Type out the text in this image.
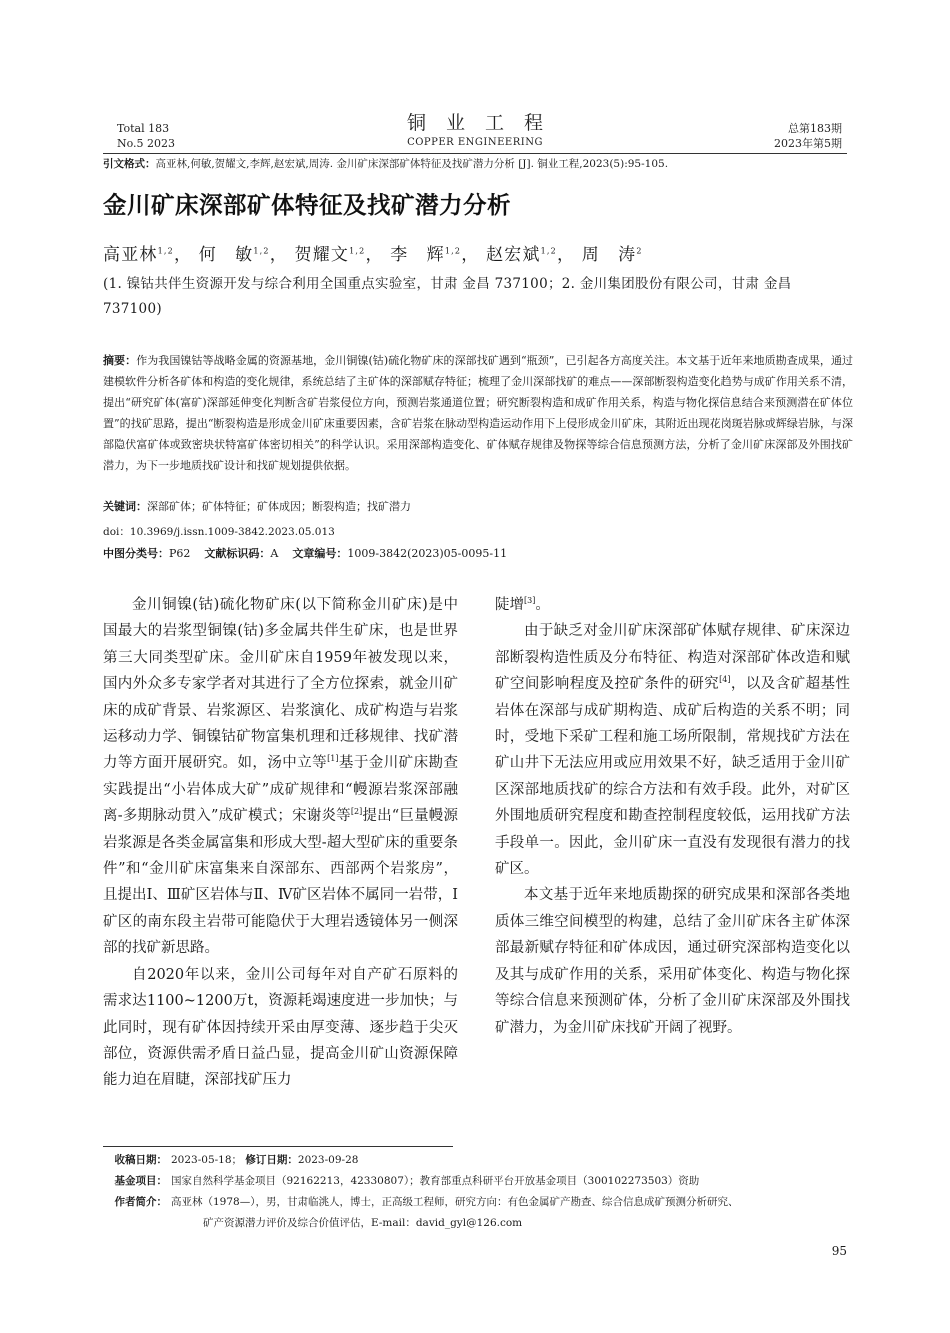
Total 183
No.5 2023
铜业工程
COPPER ENGINEERING
总第183期
2023年第5期
引文格式：高亚林,何敏,贺耀文,李辉,赵宏斌,周涛. 金川矿床深部矿体特征及找矿潜力分析 [J]. 铜业工程,2023(5):95-105.
金川矿床深部矿体特征及找矿潜力分析
高亚林$^{1,2}$， 何　敏$^{1,2}$， 贺耀文$^{1,2}$， 李　辉$^{1,2}$， 赵宏斌$^{1,2}$， 周　涛$^2$
(1. 镍钴共伴生资源开发与综合利用全国重点实验室，甘肃 金昌 737100；2. 金川集团股份有限公司，甘肃 金昌 737100)
摘要：作为我国镍钴等战略金属的资源基地，金川铜镍(钴)硫化物矿床的深部找矿遇到“瓶颈”，已引起各方高度关注。本文基于近年来地质勘查成果，通过建模软件分析各矿体和构造的变化规律，系统总结了主矿体的深部赋存特征；梳理了金川深部找矿的难点——深部断裂构造变化趋势与成矿作用关系不清，提出“研究矿体(富矿)深部延伸变化判断含矿岩浆侵位方向，预测岩浆通道位置；研究断裂构造和成矿作用关系，构造与物化探信息结合来预测潜在矿体位置”的找矿思路，提出“断裂构造是形成金川矿床重要因素，含矿岩浆在脉动型构造运动作用下上侵形成金川矿床，其附近出现花岗斑岩脉或辉绿岩脉，与深部隐伏富矿体或致密块状特富矿体密切相关”的科学认识。采用深部构造变化、矿体赋存规律及物探等综合信息预测方法，分析了金川矿床深部及外围找矿潜力，为下一步地质找矿设计和找矿规划提供依据。
关键词：深部矿体；矿体特征；矿体成因；断裂构造；找矿潜力
doi：10.3969/j.issn.1009-3842.2023.05.013
中图分类号：P62 文献标识码：A 文章编号：1009-3842(2023)05-0095-11

金川铜镍(钴)硫化物矿床(以下简称金川矿床)是中国最大的岩浆型铜镍(钴)多金属共伴生矿床，也是世界第三大同类型矿床。金川矿床自1959年被发现以来，国内外众多专家学者对其进行了全方位探索，就金川矿床的成矿背景、岩浆源区、岩浆演化、成矿构造与岩浆运移动力学、铜镍钴矿物富集机理和迁移规律、找矿潜力等方面开展研究。如，汤中立等[1]基于金川矿床勘查实践提出“小岩体成大矿”成矿规律和“幔源岩浆深部融离-多期脉动贯入”成矿模式；宋谢炎等[2]提出“巨量幔源岩浆源是各类金属富集和形成大型-超大型矿床的重要条件”和“金川矿床富集来自深部东、西部两个岩浆房”，且提出Ⅰ、Ⅲ矿区岩体与Ⅱ、Ⅳ矿区岩体不属同一岩带，Ⅰ矿区的南东段主岩带可能隐伏于大理岩透镜体另一侧深部的找矿新思路。

自2020年以来，金川公司每年对自产矿石原料的需求达1100~1200万t，资源耗竭速度进一步加快；与此同时，现有矿体因持续开采由厚变薄、逐步趋于尖灭部位，资源供需矛盾日益凸显，提高金川矿山资源保障能力迫在眉睫，深部找矿压力

陡增[3]。

由于缺乏对金川矿床深部矿体赋存规律、矿床深边部断裂构造性质及分布特征、构造对深部矿体改造和赋矿空间影响程度及控矿条件的研究[4]，以及含矿超基性岩体在深部与成矿期构造、成矿后构造的关系不明；同时，受地下采矿工程和施工场所限制，常规找矿方法在矿山井下无法应用或应用效果不好，缺乏适用于金川矿区深部地质找矿的综合方法和有效手段。此外，对矿区外围地质研究程度和勘查控制程度较低，运用找矿方法手段单一。因此，金川矿床一直没有发现很有潜力的找矿区。

本文基于近年来地质勘探的研究成果和深部各类地质体三维空间模型的构建，总结了金川矿床各主矿体深部最新赋存特征和矿体成因，通过研究深部构造变化以及其与成矿作用的关系，采用矿体变化、构造与物化探等综合信息来预测矿体，分析了金川矿床深部及外围找矿潜力，为金川矿床找矿开阔了视野。

收稿日期： 2023-05-18； 修订日期：2023-09-28
基金项目： 国家自然科学基金项目（92162213，42330807）；教育部重点科研平台开放基金项目（300102273503）资助
作者简介： 高亚林（1978—），男，甘肃临洮人，博士，正高级工程师，研究方向：有色金属矿产勘查、综合信息成矿预测分析研究、
矿产资源潜力评价及综合价值评估，E-mail：david_gyl@126.com
95
